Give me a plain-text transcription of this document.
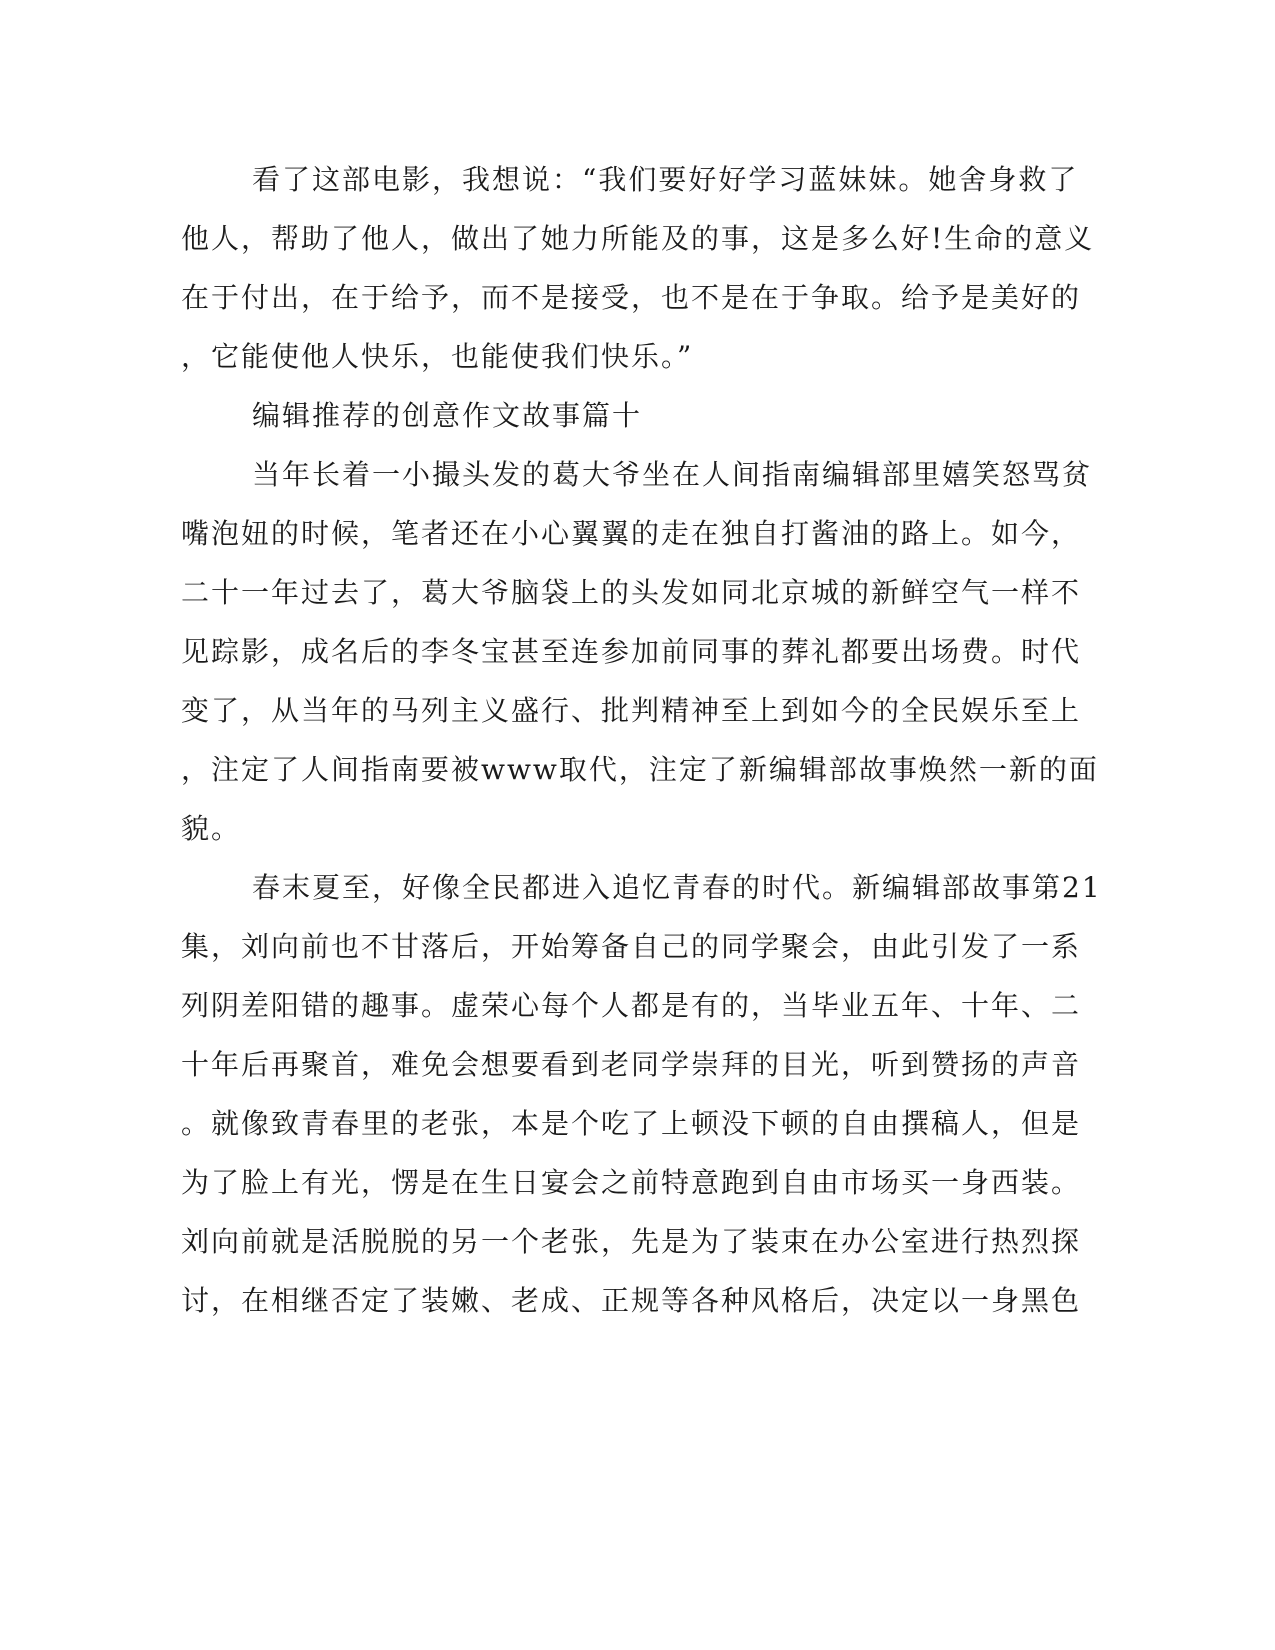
看了这部电影，我想说：“我们要好好学习蓝妹妹。她舍身救了
他人，帮助了他人，做出了她力所能及的事，这是多么好!生命的意义
在于付出，在于给予，而不是接受，也不是在于争取。给予是美好的
，它能使他人快乐，也能使我们快乐。”
编辑推荐的创意作文故事篇十
当年长着一小撮头发的葛大爷坐在人间指南编辑部里嬉笑怒骂贫
嘴泡妞的时候，笔者还在小心翼翼的走在独自打酱油的路上。如今，
二十一年过去了，葛大爷脑袋上的头发如同北京城的新鲜空气一样不
见踪影，成名后的李冬宝甚至连参加前同事的葬礼都要出场费。时代
变了，从当年的马列主义盛行、批判精神至上到如今的全民娱乐至上
，注定了人间指南要被www取代，注定了新编辑部故事焕然一新的面
貌。
春末夏至，好像全民都进入追忆青春的时代。新编辑部故事第21
集，刘向前也不甘落后，开始筹备自己的同学聚会，由此引发了一系
列阴差阳错的趣事。虚荣心每个人都是有的，当毕业五年、十年、二
十年后再聚首，难免会想要看到老同学崇拜的目光，听到赞扬的声音
。就像致青春里的老张，本是个吃了上顿没下顿的自由撰稿人，但是
为了脸上有光，愣是在生日宴会之前特意跑到自由市场买一身西装。
刘向前就是活脱脱的另一个老张，先是为了装束在办公室进行热烈探
讨，在相继否定了装嫩、老成、正规等各种风格后，决定以一身黑色
